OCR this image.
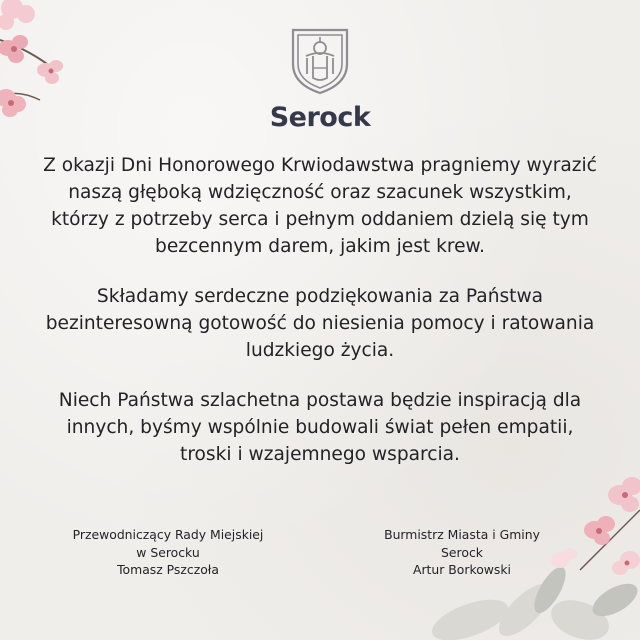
Serock

Z okazji Dni Honorowego Krwiodawstwa pragniemy wyrazić
naszą głęboką wdzięczność oraz szacunek wszystkim,
którzy z potrzeby serca i pełnym oddaniem dzielą się tym
bezcennym darem, jakim jest krew.

Składamy serdeczne podziękowania za Państwa
bezinteresowną gotowość do niesienia pomocy i ratowania
ludzkiego życia.

Niech Państwa szlachetna postawa będzie inspiracją dla
innych, byśmy wspólnie budowali świat pełen empatii,
troski i wzajemnego wsparcia.

Przewodniczący Rady Miejskiej
w Serocku
Tomasz Pszczoła
Burmistrz Miasta i Gminy
Serock
Artur Borkowski
